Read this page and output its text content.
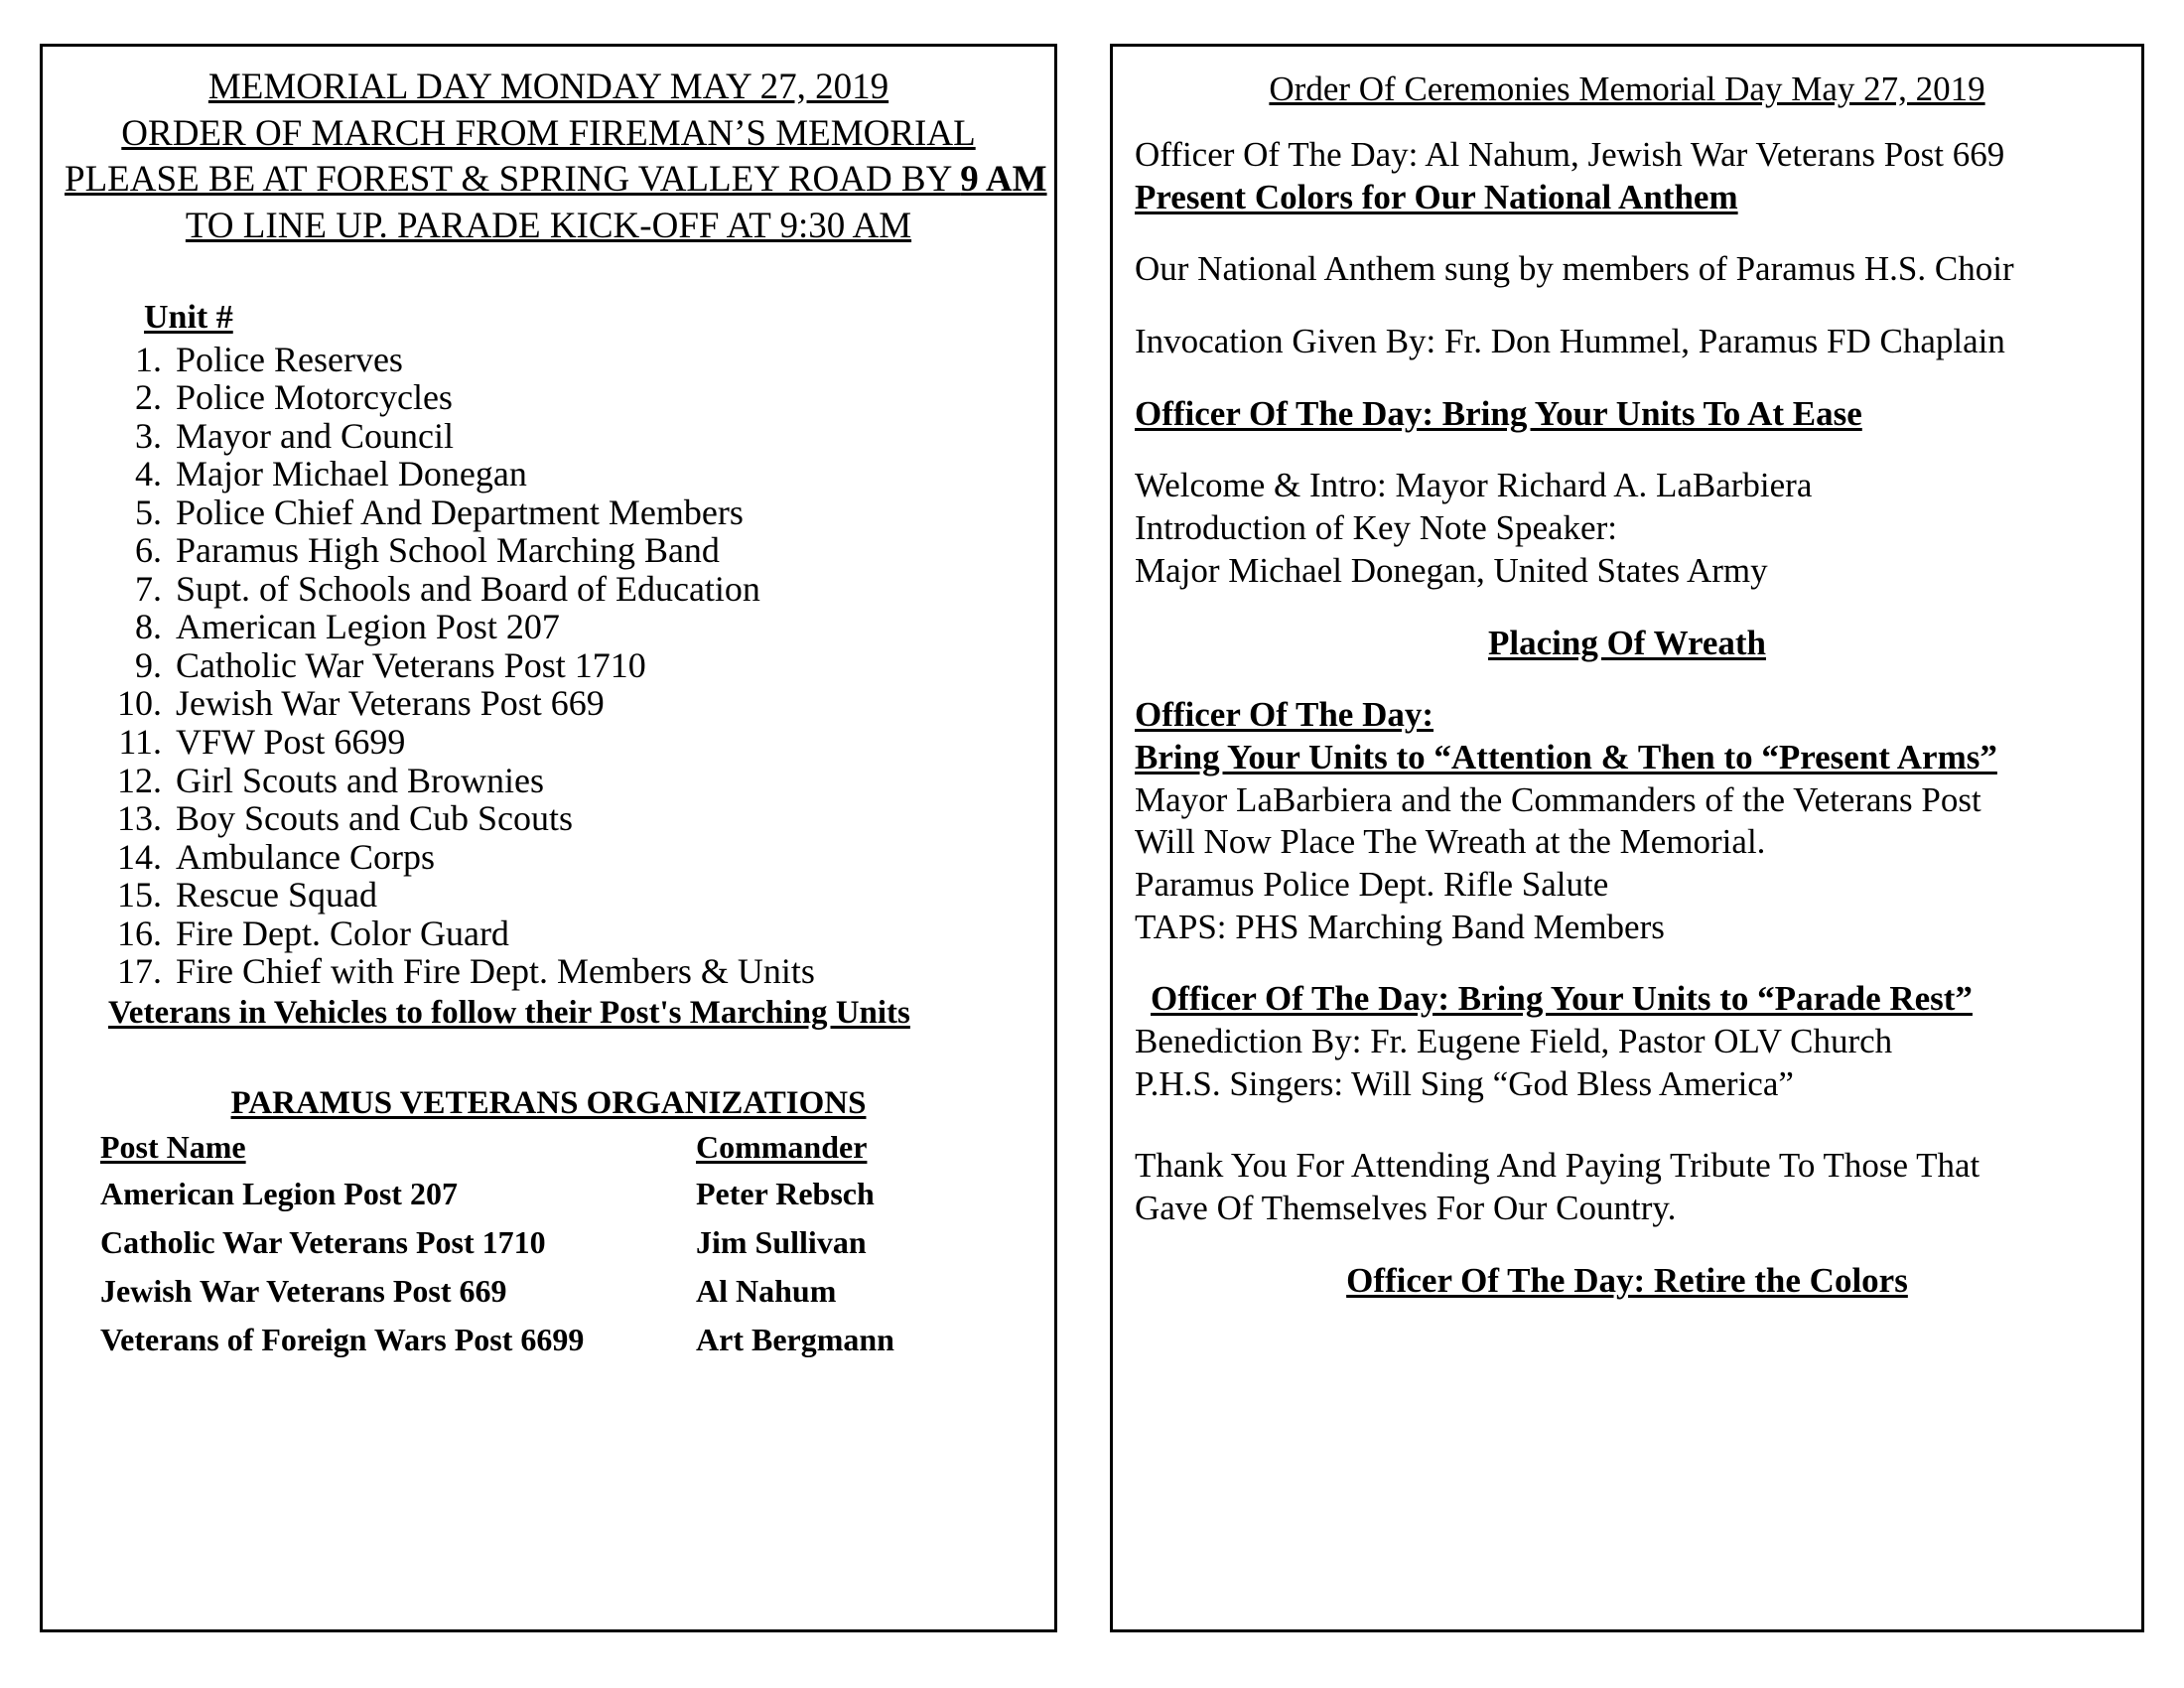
MEMORIAL DAY MONDAY MAY 27, 2019
ORDER OF MARCH FROM FIREMAN’S MEMORIAL
PLEASE BE AT FOREST & SPRING VALLEY ROAD BY 9 AM
TO LINE UP. PARADE KICK-OFF AT 9:30 AM
Unit #
1. Police Reserves
2. Police Motorcycles
3. Mayor and Council
4. Major Michael Donegan
5. Police Chief And Department Members
6. Paramus High School Marching Band
7. Supt. of Schools and Board of Education
8. American Legion Post 207
9. Catholic War Veterans Post 1710
10. Jewish War Veterans Post 669
11. VFW Post 6699
12. Girl Scouts and Brownies
13. Boy Scouts and Cub Scouts
14. Ambulance Corps
15. Rescue Squad
16. Fire Dept. Color Guard
17. Fire Chief with Fire Dept. Members & Units
Veterans in Vehicles to follow their Post's Marching Units
PARAMUS VETERANS ORGANIZATIONS
Post Name	Commander
American Legion Post 207	Peter Rebsch
Catholic War Veterans Post 1710	Jim Sullivan
Jewish War Veterans Post 669	Al Nahum
Veterans of Foreign Wars Post 6699	Art Bergmann
Order Of Ceremonies Memorial Day May 27, 2019
Officer Of The Day: Al Nahum, Jewish War Veterans Post 669
Present Colors for Our National Anthem
Our National Anthem sung by members of Paramus H.S. Choir
Invocation Given By: Fr. Don Hummel, Paramus FD Chaplain
Officer Of The Day: Bring Your Units To At Ease
Welcome & Intro: Mayor Richard A. LaBarbiera
Introduction of Key Note Speaker:
Major Michael Donegan, United States Army
Placing Of Wreath
Officer Of The Day:
Bring Your Units to “Attention & Then to “Present Arms”
Mayor LaBarbiera and the Commanders of the Veterans Post
Will Now Place The Wreath at the Memorial.
Paramus Police Dept. Rifle Salute
TAPS: PHS Marching Band Members
Officer Of The Day: Bring Your Units to “Parade Rest”
Benediction By: Fr. Eugene Field, Pastor OLV Church
P.H.S. Singers: Will Sing “God Bless America”
Thank You For Attending And Paying Tribute To Those That
Gave Of Themselves For Our Country.
Officer Of The Day: Retire the Colors
